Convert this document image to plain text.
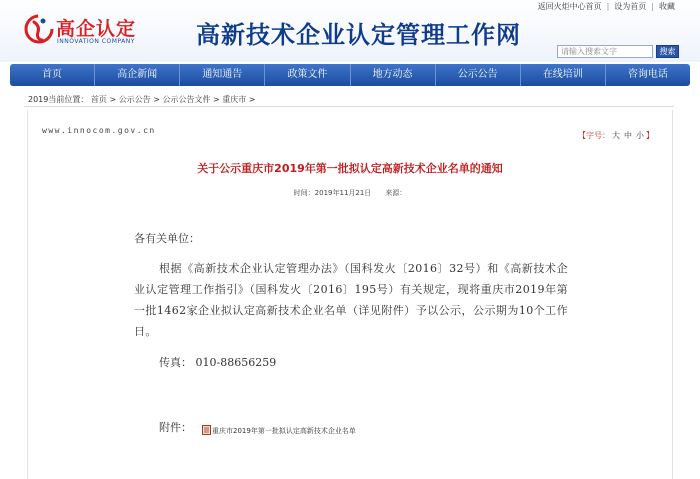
高企认定
INNOVATION COMPANY	高新技术企业认定管理工作网
返回火炬中心首页 | 设为首页 | 收藏
请输入搜索文字	搜索
首页	高企新闻	通知通告	政策文件	地方动态	公示公告	在线培训	咨询电话
2019当前位置： 首页 > 公示公告 > 公示公告文件 > 重庆市 >
www.innocom.gov.cn
【字号： 大 中 小 】
关于公示重庆市2019年第一批拟认定高新技术企业名单的通知
时间：2019年11月21日 来源：
各有关单位：
根据《高新技术企业认定管理办法》（国科发火〔2016〕32号）和《高新技术企业认定管理工作指引》（国科发火〔2016〕195号）有关规定，现将重庆市2019年第一批1462家企业拟认定高新技术企业名单（详见附件）予以公示，公示期为10个工作日。
传真： 010-88656259
附件：	重庆市2019年第一批拟认定高新技术企业名单
